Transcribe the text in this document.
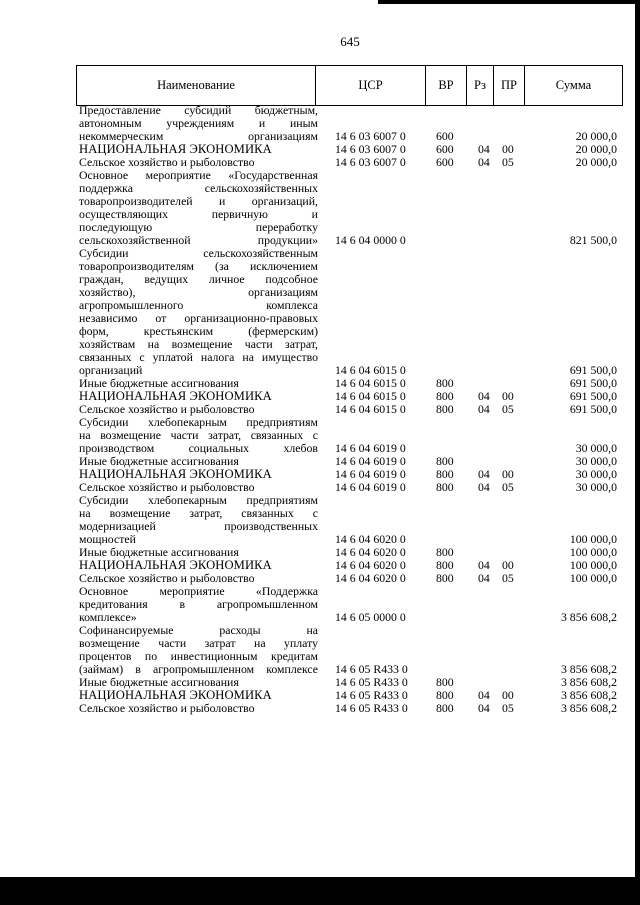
645
Наименование	ЦСР	ВР	Рз	ПР	Сумма
Предоставление субсидий бюджетным,
автономным учреждениям и иным
некоммерческим организациям 14 6 03 6007 0	600	20 000,0
НАЦИОНАЛЬНАЯ ЭКОНОМИКА	14 6 03 6007 0	600 04 00	20 000,0
Сельское хозяйство и рыболовство	14 6 03 6007 0	600 04 05	20 000,0
Основное мероприятие «Государственная
поддержка сельскохозяйственных
товаропроизводителей и организаций,
осуществляющих первичную и
последующую переработку
сельскохозяйственной продукции» 14 6 04 0000 0	821 500,0
Субсидии сельскохозяйственным
товаропроизводителям (за исключением
граждан, ведущих личное подсобное
хозяйство), организациям
агропромышленного комплекса
независимо от организационно-правовых
форм, крестьянским (фермерским)
хозяйствам на возмещение части затрат,
связанных с уплатой налога на имущество
организаций	14 6 04 6015 0	691 500,0
Иные бюджетные ассигнования	14 6 04 6015 0	800	691 500,0
НАЦИОНАЛЬНАЯ ЭКОНОМИКА	14 6 04 6015 0	800 04 00	691 500,0
Сельское хозяйство и рыболовство	14 6 04 6015 0	800 04 05	691 500,0
Субсидии хлебопекарным предприятиям
на возмещение части затрат, связанных с
производством социальных хлебов 14 6 04 6019 0	30 000,0
Иные бюджетные ассигнования	14 6 04 6019 0	800	30 000,0
НАЦИОНАЛЬНАЯ ЭКОНОМИКА	14 6 04 6019 0	800 04 00	30 000,0
Сельское хозяйство и рыболовство	14 6 04 6019 0	800 04 05	30 000,0
Субсидии хлебопекарным предприятиям
на возмещение затрат, связанных с
модернизацией производственных
мощностей	14 6 04 6020 0	100 000,0
Иные бюджетные ассигнования	14 6 04 6020 0	800	100 000,0
НАЦИОНАЛЬНАЯ ЭКОНОМИКА	14 6 04 6020 0	800 04 00	100 000,0
Сельское хозяйство и рыболовство	14 6 04 6020 0	800 04 05	100 000,0
Основное мероприятие «Поддержка
кредитования в агропромышленном
комплексе»	14 6 05 0000 0	3 856 608,2
Софинансируемые расходы на
возмещение части затрат на уплату
процентов по инвестиционным кредитам
(займам) в агропромышленном комплексе 14 6 05 R433 0	3 856 608,2
Иные бюджетные ассигнования	14 6 05 R433 0 800	3 856 608,2
НАЦИОНАЛЬНАЯ ЭКОНОМИКА	14 6 05 R433 0 800 04 00	3 856 608,2
Сельское хозяйство и рыболовство	14 6 05 R433 0 800 04 05	3 856 608,2
